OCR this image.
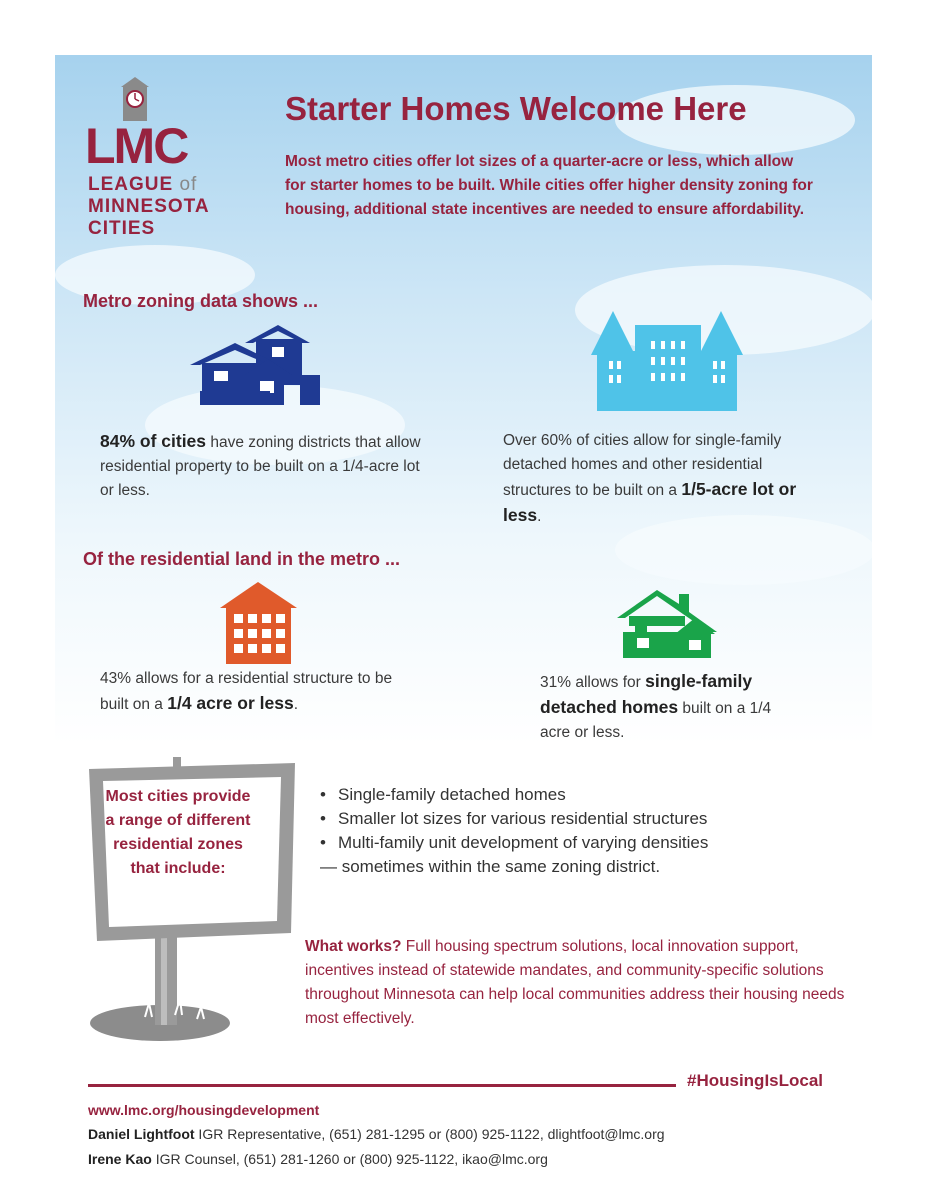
LMC
LEAGUE of
MINNESOTA
CITIES
Starter Homes Welcome Here
Most metro cities offer lot sizes of a quarter-acre or less, which allow for starter homes to be built. While cities offer higher density zoning for housing, additional state incentives are needed to ensure affordability.
Metro zoning data shows ...
84% of cities have zoning districts that allow residential property to be built on a 1/4-acre lot or less.
Over 60% of cities allow for single-family detached homes and other residential structures to be built on a 1/5-acre lot or less.
Of the residential land in the metro ...
43% allows for a residential structure to be built on a 1/4 acre or less.
31% allows for single-family detached homes built on a 1/4 acre or less.
Most cities provide a range of different residential zones that include:
• Single-family detached homes
• Smaller lot sizes for various residential structures
• Multi-family unit development of varying densities
— sometimes within the same zoning district.
What works? Full housing spectrum solutions, local innovation support, incentives instead of statewide mandates, and community-specific solutions throughout Minnesota can help local communities address their housing needs most effectively.
#HousingIsLocal
www.lmc.org/housingdevelopment
Daniel Lightfoot IGR Representative, (651) 281-1295 or (800) 925-1122, dlightfoot@lmc.org
Irene Kao IGR Counsel, (651) 281-1260 or (800) 925-1122, ikao@lmc.org
